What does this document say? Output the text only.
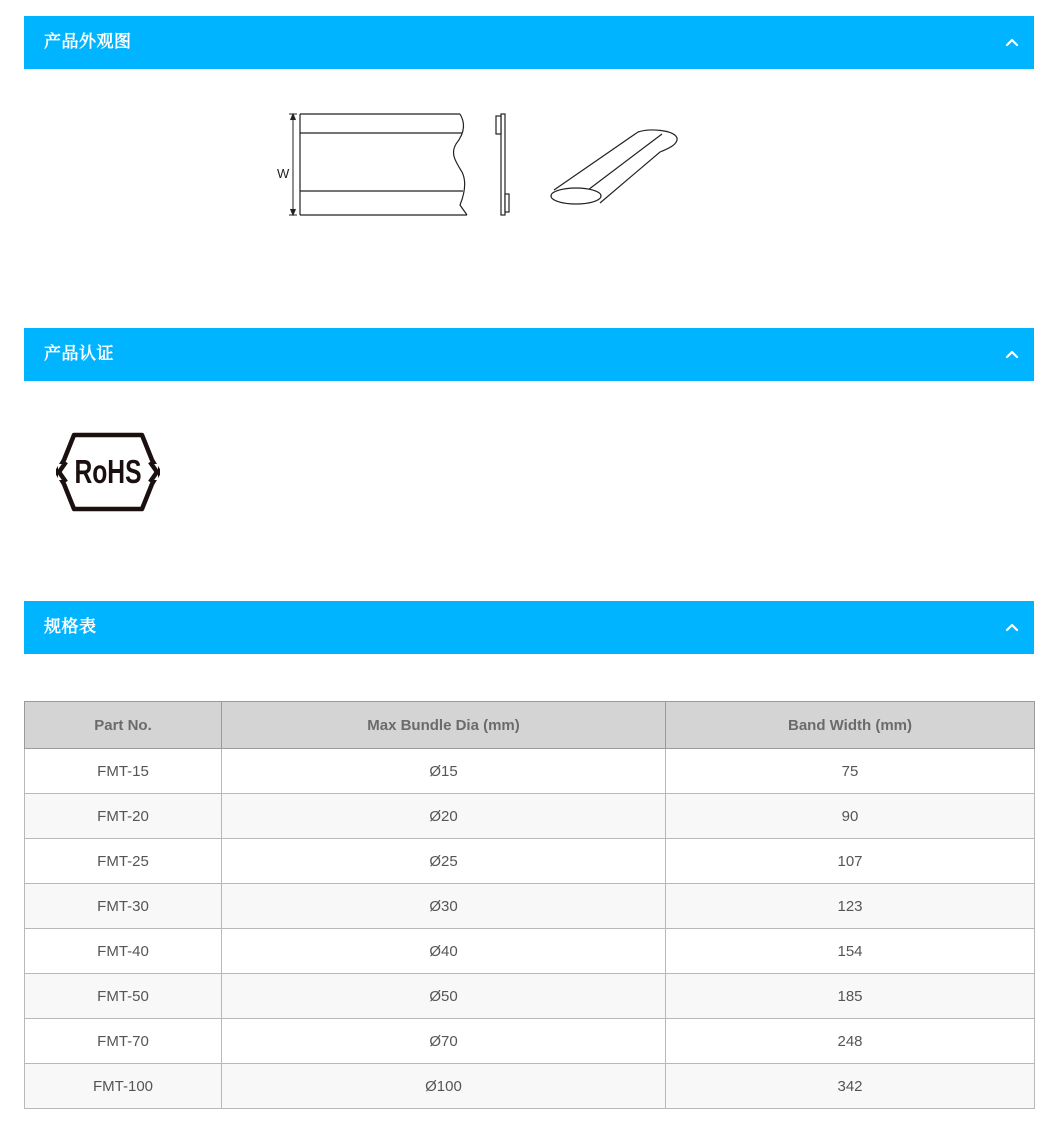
产品外观图
W
产品认证
RoHS
规格表
Part No.	Max Bundle Dia (mm)	Band Width (mm)
FMT-15	Ø15	75
FMT-20	Ø20	90
FMT-25	Ø25	107
FMT-30	Ø30	123
FMT-40	Ø40	154
FMT-50	Ø50	185
FMT-70	Ø70	248
FMT-100	Ø100	342
